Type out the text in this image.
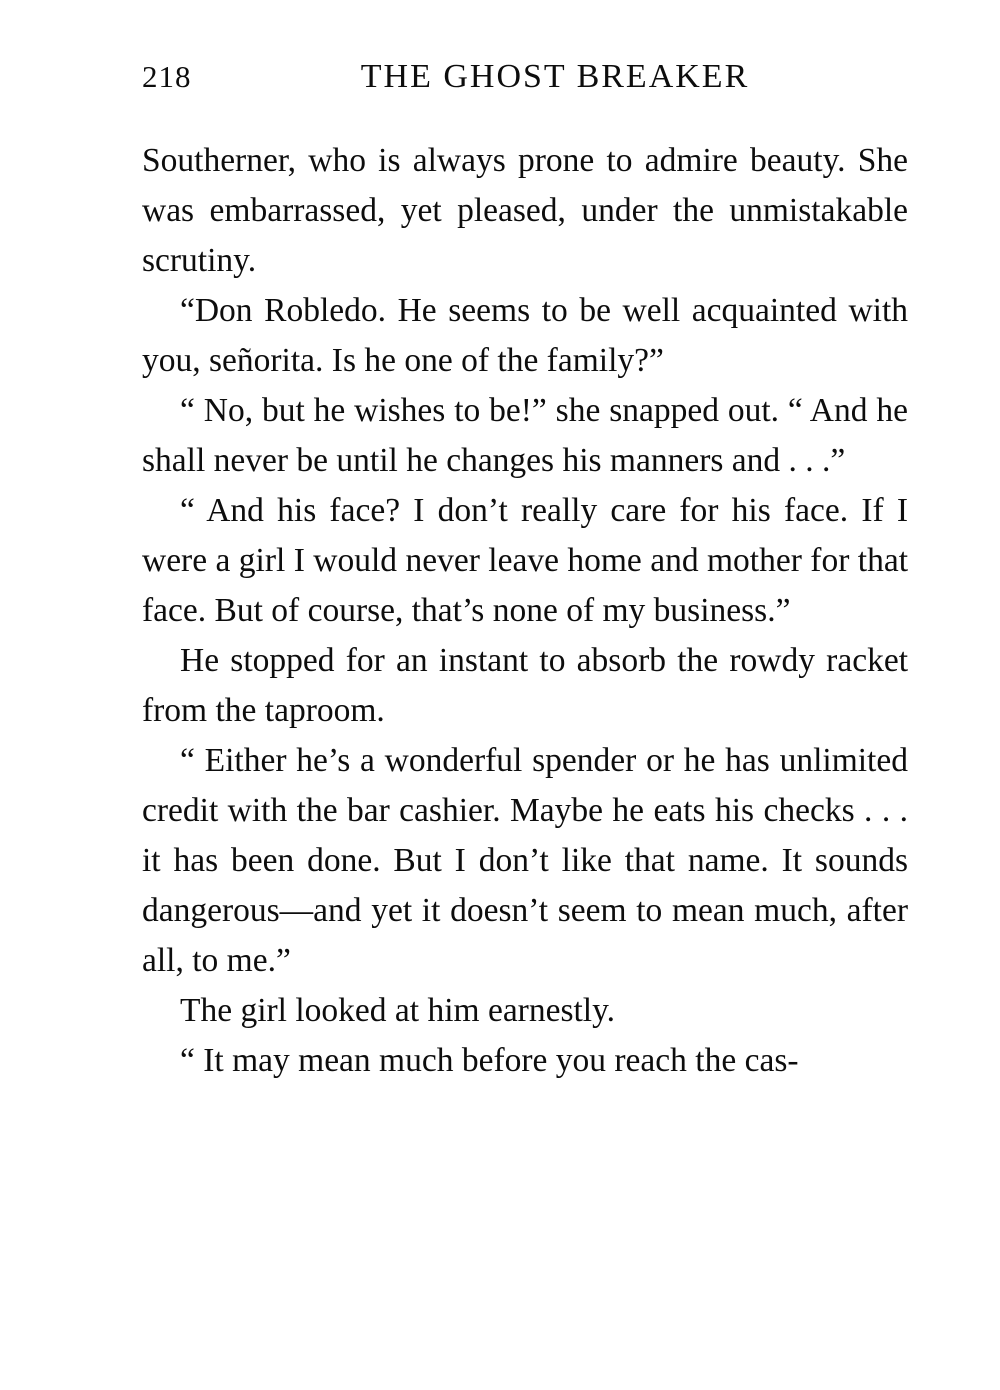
218	THE GHOST BREAKER

Southerner, who is always prone to admire beauty. She was embarrassed, yet pleased, under the unmistakable scrutiny.

“Don Robledo. He seems to be well acquainted with you, señorita. Is he one of the family?”

“ No, but he wishes to be!” she snapped out. “ And he shall never be until he changes his manners and . . .”

“ And his face? I don’t really care for his face. If I were a girl I would never leave home and mother for that face. But of course, that’s none of my business.”

He stopped for an instant to absorb the rowdy racket from the taproom.

“ Either he’s a wonderful spender or he has unlimited credit with the bar cashier. Maybe he eats his checks . . . it has been done. But I don’t like that name. It sounds dangerous—and yet it doesn’t seem to mean much, after all, to me.”

The girl looked at him earnestly.

“ It may mean much before you reach the cas-
